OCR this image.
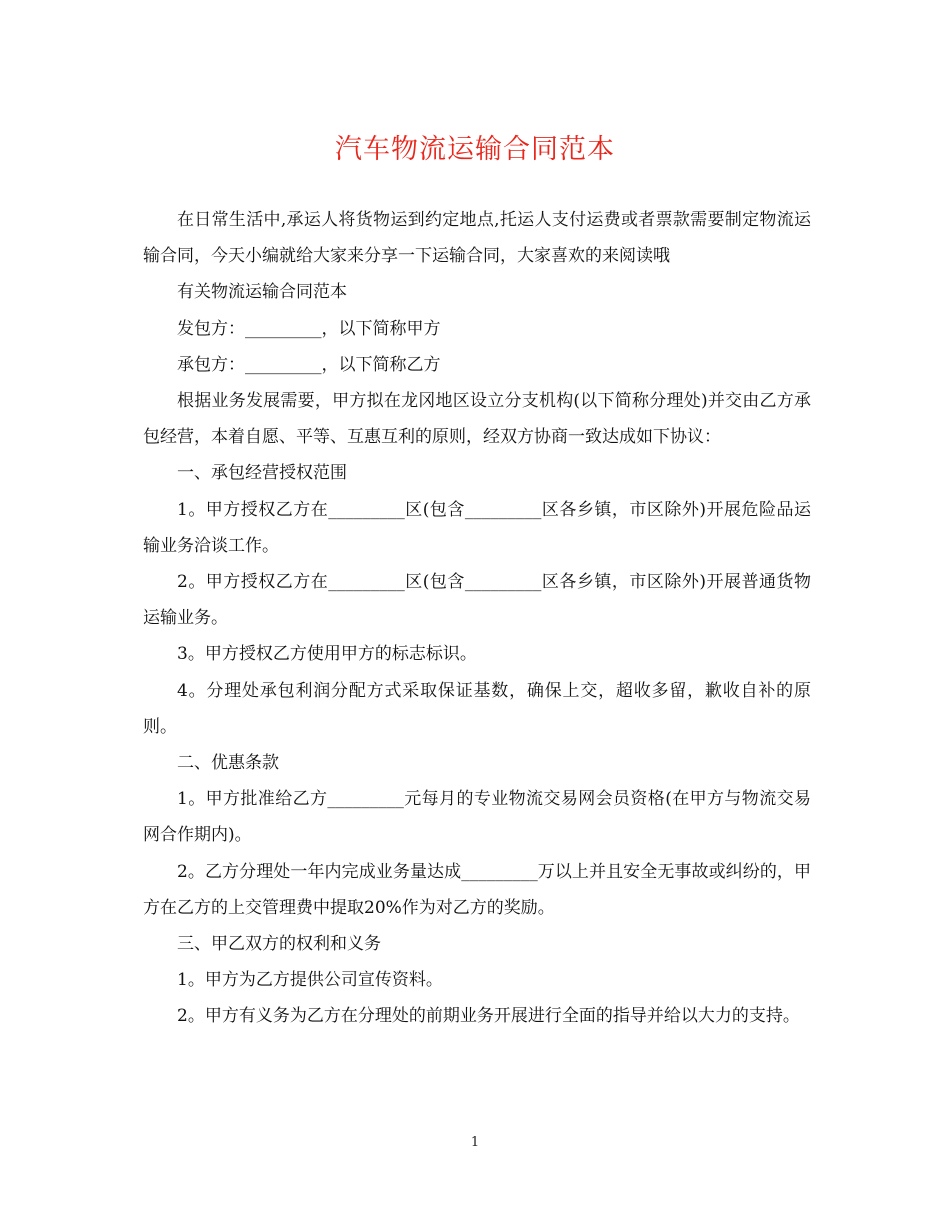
汽车物流运输合同范本

在日常生活中,承运人将货物运到约定地点,托运人支付运费或者票款需要制定物流运输合同，今天小编就给大家来分享一下运输合同，大家喜欢的来阅读哦

有关物流运输合同范本

发包方：_________，以下简称甲方

承包方：_________，以下简称乙方

根据业务发展需要，甲方拟在龙冈地区设立分支机构(以下简称分理处)并交由乙方承包经营，本着自愿、平等、互惠互利的原则，经双方协商一致达成如下协议：

一、承包经营授权范围

1。甲方授权乙方在_________区(包含_________区各乡镇，市区除外)开展危险品运输业务洽谈工作。

2。甲方授权乙方在_________区(包含_________区各乡镇，市区除外)开展普通货物运输业务。

3。甲方授权乙方使用甲方的标志标识。

4。分理处承包利润分配方式采取保证基数，确保上交，超收多留，歉收自补的原则。

二、优惠条款

1。甲方批准给乙方_________元每月的专业物流交易网会员资格(在甲方与物流交易网合作期内)。

2。乙方分理处一年内完成业务量达成_________万以上并且安全无事故或纠纷的，甲方在乙方的上交管理费中提取20%作为对乙方的奖励。

三、甲乙双方的权利和义务

1。甲方为乙方提供公司宣传资料。

2。甲方有义务为乙方在分理处的前期业务开展进行全面的指导并给以大力的支持。

1
